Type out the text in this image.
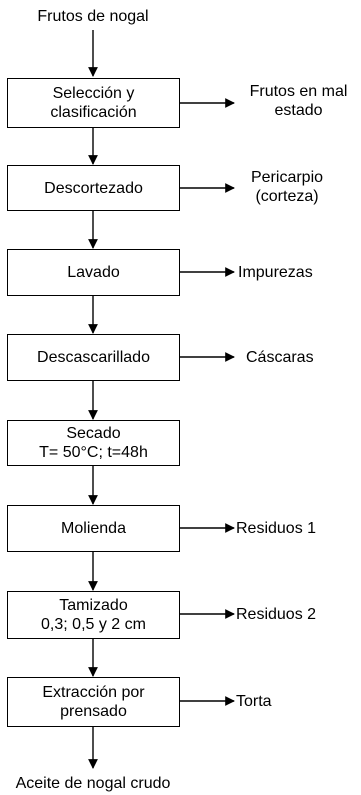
Frutos de nogal
Selección y
clasificación
Frutos en mal
estado
Descortezado
Pericarpio
(corteza)
Lavado	Impurezas
Descascarillado	Cáscaras
Secado
T= 50°C; t=48h
Molienda	Residuos 1
Tamizado
0,3; 0,5 y 2 cm
Residuos 2
Extracción por
prensado
Torta
Aceite de nogal crudo
